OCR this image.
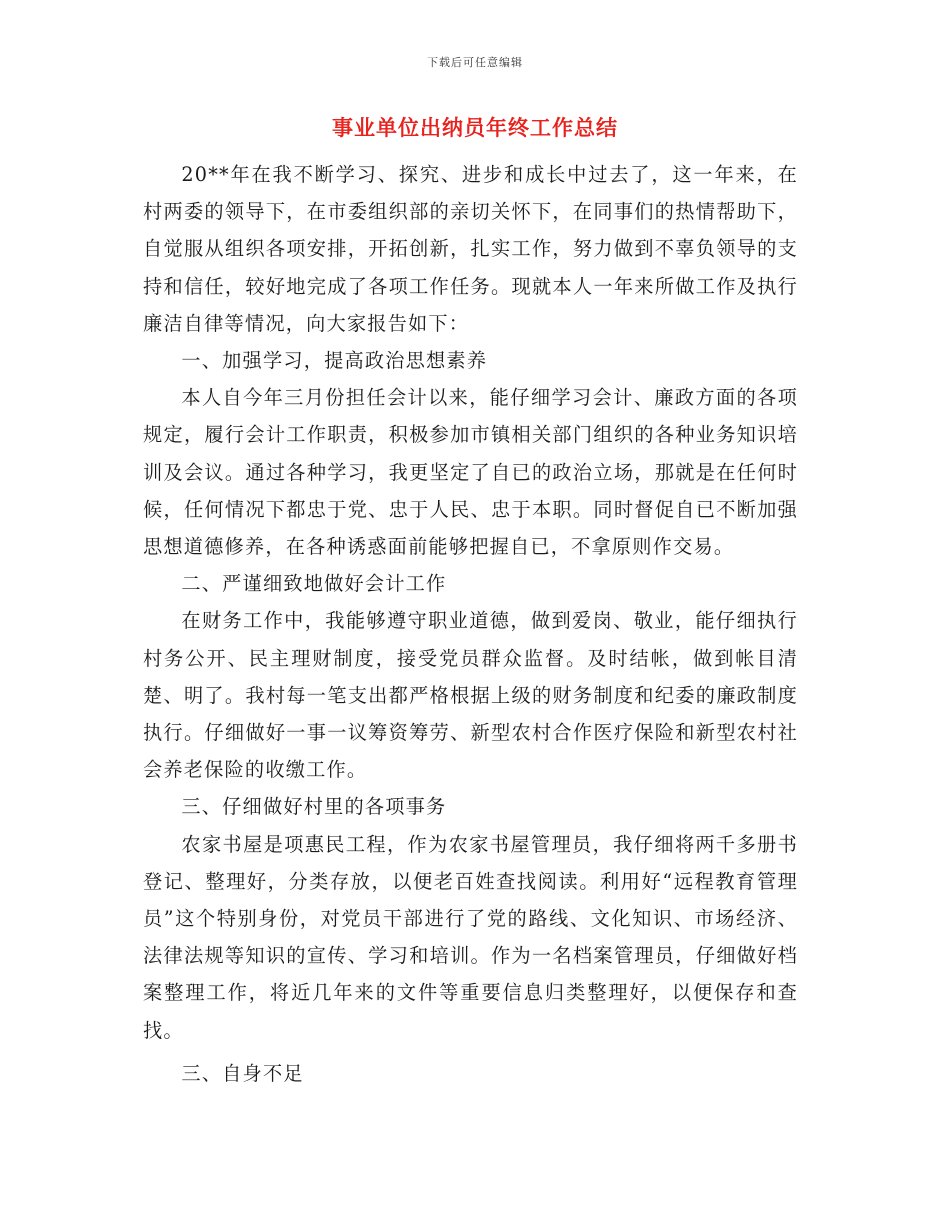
下载后可任意编辑
事业单位出纳员年终工作总结

20**年在我不断学习、探究、进步和成长中过去了，这一年来，在村两委的领导下，在市委组织部的亲切关怀下，在同事们的热情帮助下，自觉服从组织各项安排，开拓创新，扎实工作，努力做到不辜负领导的支持和信任，较好地完成了各项工作任务。现就本人一年来所做工作及执行廉洁自律等情况，向大家报告如下：

一、加强学习，提高政治思想素养

本人自今年三月份担任会计以来，能仔细学习会计、廉政方面的各项规定，履行会计工作职责，积极参加市镇相关部门组织的各种业务知识培训及会议。通过各种学习，我更坚定了自已的政治立场，那就是在任何时候，任何情况下都忠于党、忠于人民、忠于本职。同时督促自已不断加强思想道德修养，在各种诱惑面前能够把握自已，不拿原则作交易。

二、严谨细致地做好会计工作

在财务工作中，我能够遵守职业道德，做到爱岗、敬业，能仔细执行村务公开、民主理财制度，接受党员群众监督。及时结帐，做到帐目清楚、明了。我村每一笔支出都严格根据上级的财务制度和纪委的廉政制度执行。仔细做好一事一议筹资筹劳、新型农村合作医疗保险和新型农村社会养老保险的收缴工作。

三、仔细做好村里的各项事务

农家书屋是项惠民工程，作为农家书屋管理员，我仔细将两千多册书登记、整理好，分类存放，以便老百姓查找阅读。利用好“远程教育管理员”这个特别身份，对党员干部进行了党的路线、文化知识、市场经济、法律法规等知识的宣传、学习和培训。作为一名档案管理员，仔细做好档案整理工作，将近几年来的文件等重要信息归类整理好，以便保存和查找。

三、自身不足
